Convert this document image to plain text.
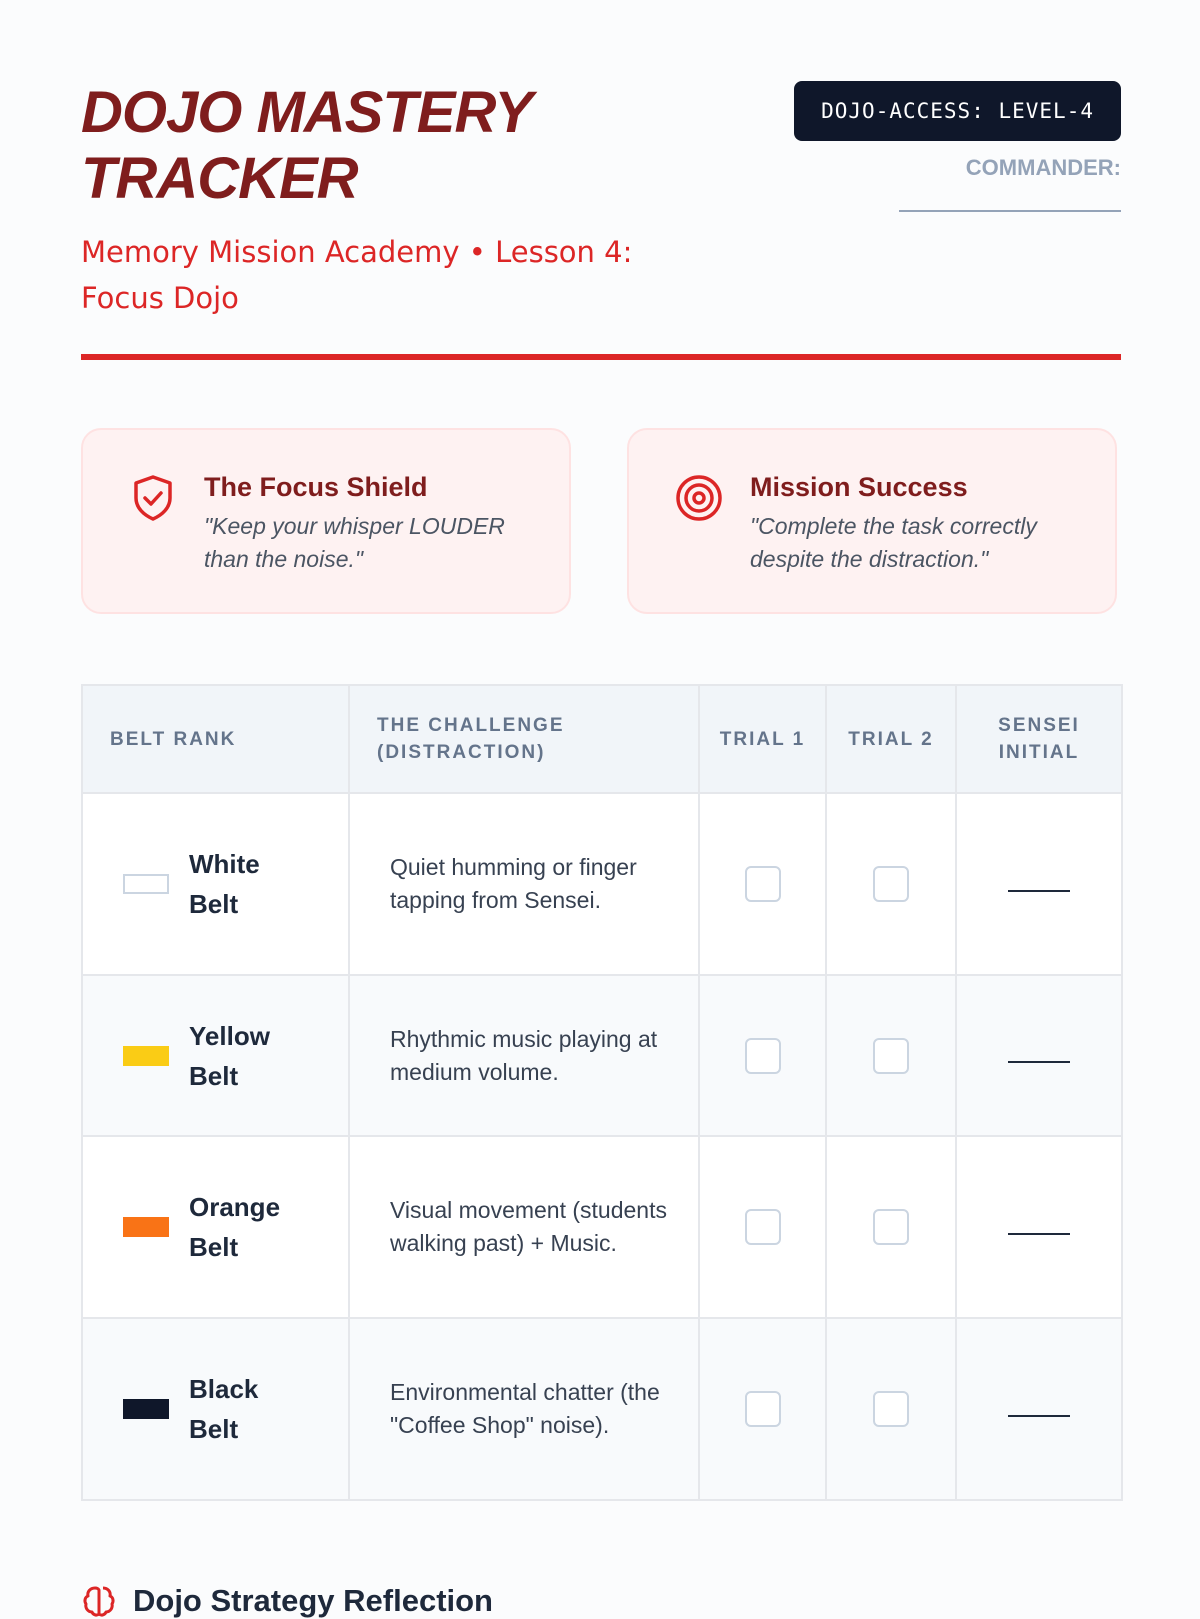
DOJO MASTERY TRACKER
Memory Mission Academy • Lesson 4: Focus Dojo
DOJO-ACCESS: LEVEL-4
COMMANDER:
The Focus Shield
"Keep your whisper LOUDER than the noise."
Mission Success
"Complete the task correctly despite the distraction."
BELT RANK	THE CHALLENGE (DISTRACTION)	TRIAL 1	TRIAL 2	SENSEI INITIAL

White Belt	Quiet humming or finger tapping from Sensei.			

Yellow Belt	Rhythmic music playing at medium volume.			

Orange Belt	Visual movement (students walking past) + Music.			

Black Belt	Environmental chatter (the "Coffee Shop" noise).			
Dojo Strategy Reflection
